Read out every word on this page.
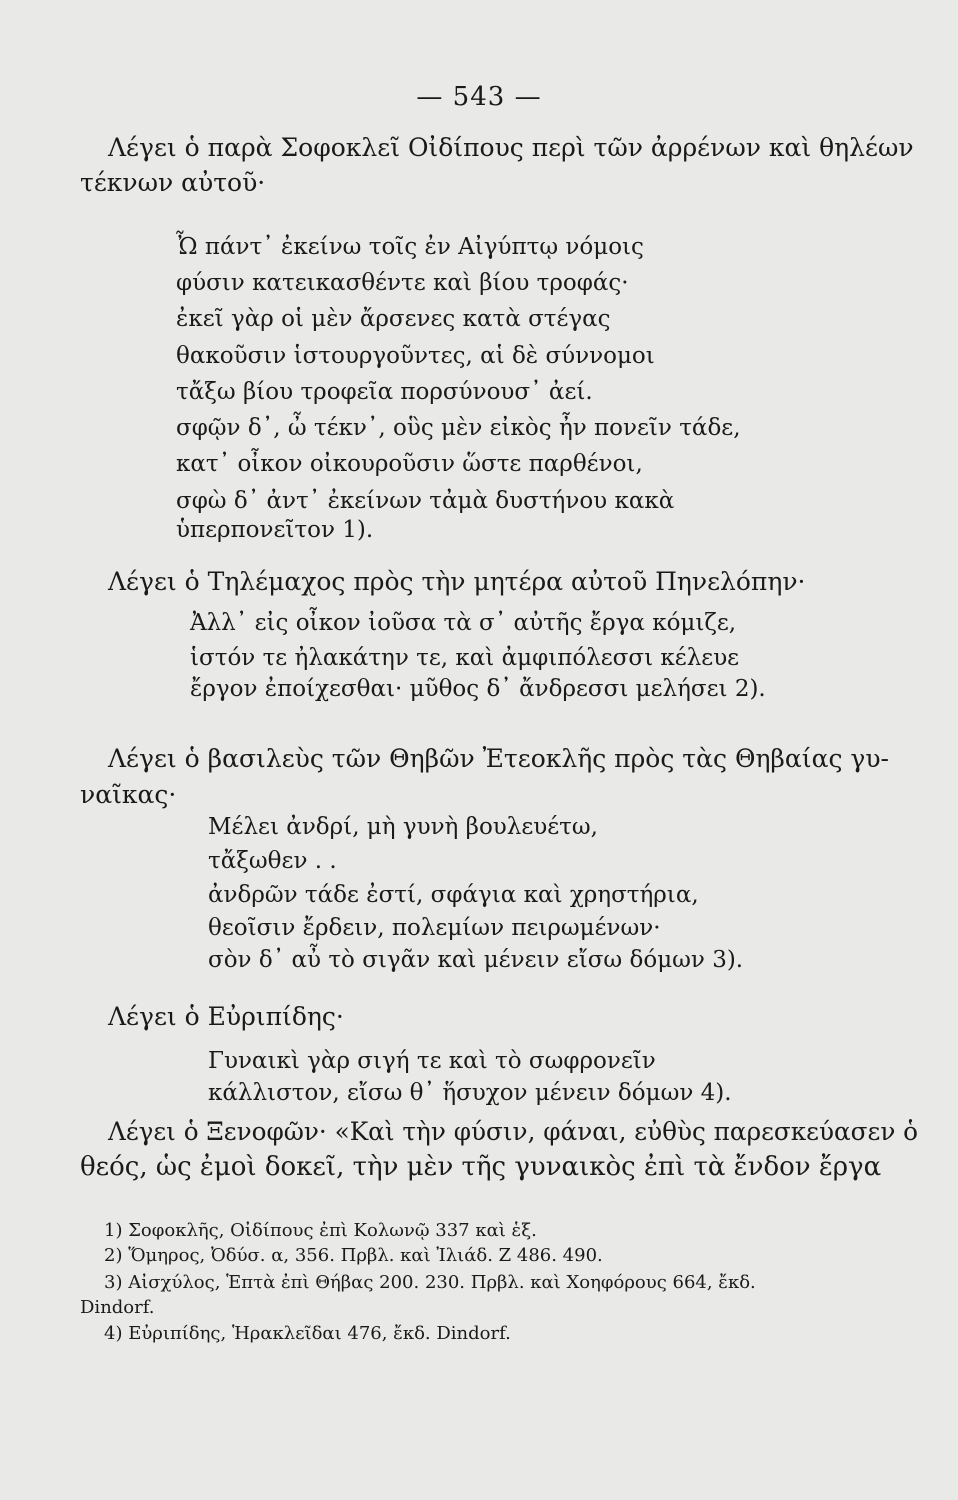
— 543 —
Λέγει ὁ παρὰ Σοφοκλεῖ Οἰδίπους περὶ τῶν ἀρρένων καὶ θηλέων
τέκνων αὐτοῦ·
Ὦ πάντ᾽ ἐκείνω τοῖς ἐν Αἰγύπτῳ νόμοις
φύσιν κατεικασθέντε καὶ βίου τροφάς·
ἐκεῖ γὰρ οἱ μὲν ἄρσενες κατὰ στέγας
θακοῦσιν ἱστουργοῦντες, αἱ δὲ σύννομοι
τἄξω βίου τροφεῖα πορσύνουσ᾽ ἀεί.
σφῷν δ᾽, ὦ τέκν᾽, οὓς μὲν εἰκὸς ἦν πονεῖν τάδε,
κατ᾽ οἶκον οἰκουροῦσιν ὥστε παρθένοι,
σφὼ δ᾽ ἀντ᾽ ἐκείνων τἀμὰ δυστήνου κακὰ
ὑπερπονεῖτον 1).
Λέγει ὁ Τηλέμαχος πρὸς τὴν μητέρα αὐτοῦ Πηνελόπην·
Ἀλλ᾽ εἰς οἶκον ἰοῦσα τὰ σ᾽ αὐτῆς ἔργα κόμιζε,
ἱστόν τε ἠλακάτην τε, καὶ ἀμφιπόλεσσι κέλευε
ἔργον ἐποίχεσθαι· μῦθος δ᾽ ἄνδρεσσι μελήσει 2).
Λέγει ὁ βασιλεὺς τῶν Θηβῶν Ἐτεοκλῆς πρὸς τὰς Θηβαίας γυ-
ναῖκας·
Μέλει ἀνδρί, μὴ γυνὴ βουλευέτω,
τἄξωθεν . .
ἀνδρῶν τάδε ἐστί, σφάγια καὶ χρηστήρια,
θεοῖσιν ἔρδειν, πολεμίων πειρωμένων·
σὸν δ᾽ αὖ τὸ σιγᾶν καὶ μένειν εἴσω δόμων 3).
Λέγει ὁ Εὐριπίδης·
Γυναικὶ γὰρ σιγή τε καὶ τὸ σωφρονεῖν
κάλλιστον, εἴσω θ᾽ ἥσυχον μένειν δόμων 4).
Λέγει ὁ Ξενοφῶν· «Καὶ τὴν φύσιν, φάναι, εὐθὺς παρεσκεύασεν ὁ
θεός, ὡς ἐμοὶ δοκεῖ, τὴν μὲν τῆς γυναικὸς ἐπὶ τὰ ἔνδον ἔργα
1) Σοφοκλῆς, Οἰδίπους ἐπὶ Κολωνῷ 337 καὶ ἑξ.
2) Ὅμηρος, Ὀδύσ. α, 356. Πρβλ. καὶ Ἰλιάδ. Ζ 486. 490.
3) Αἰσχύλος, Ἑπτὰ ἐπὶ Θήβας 200. 230. Πρβλ. καὶ Χοηφόρους 664, ἔκδ.
Dindorf.
4) Εὐριπίδης, Ἡρακλεῖδαι 476, ἔκδ. Dindorf.
